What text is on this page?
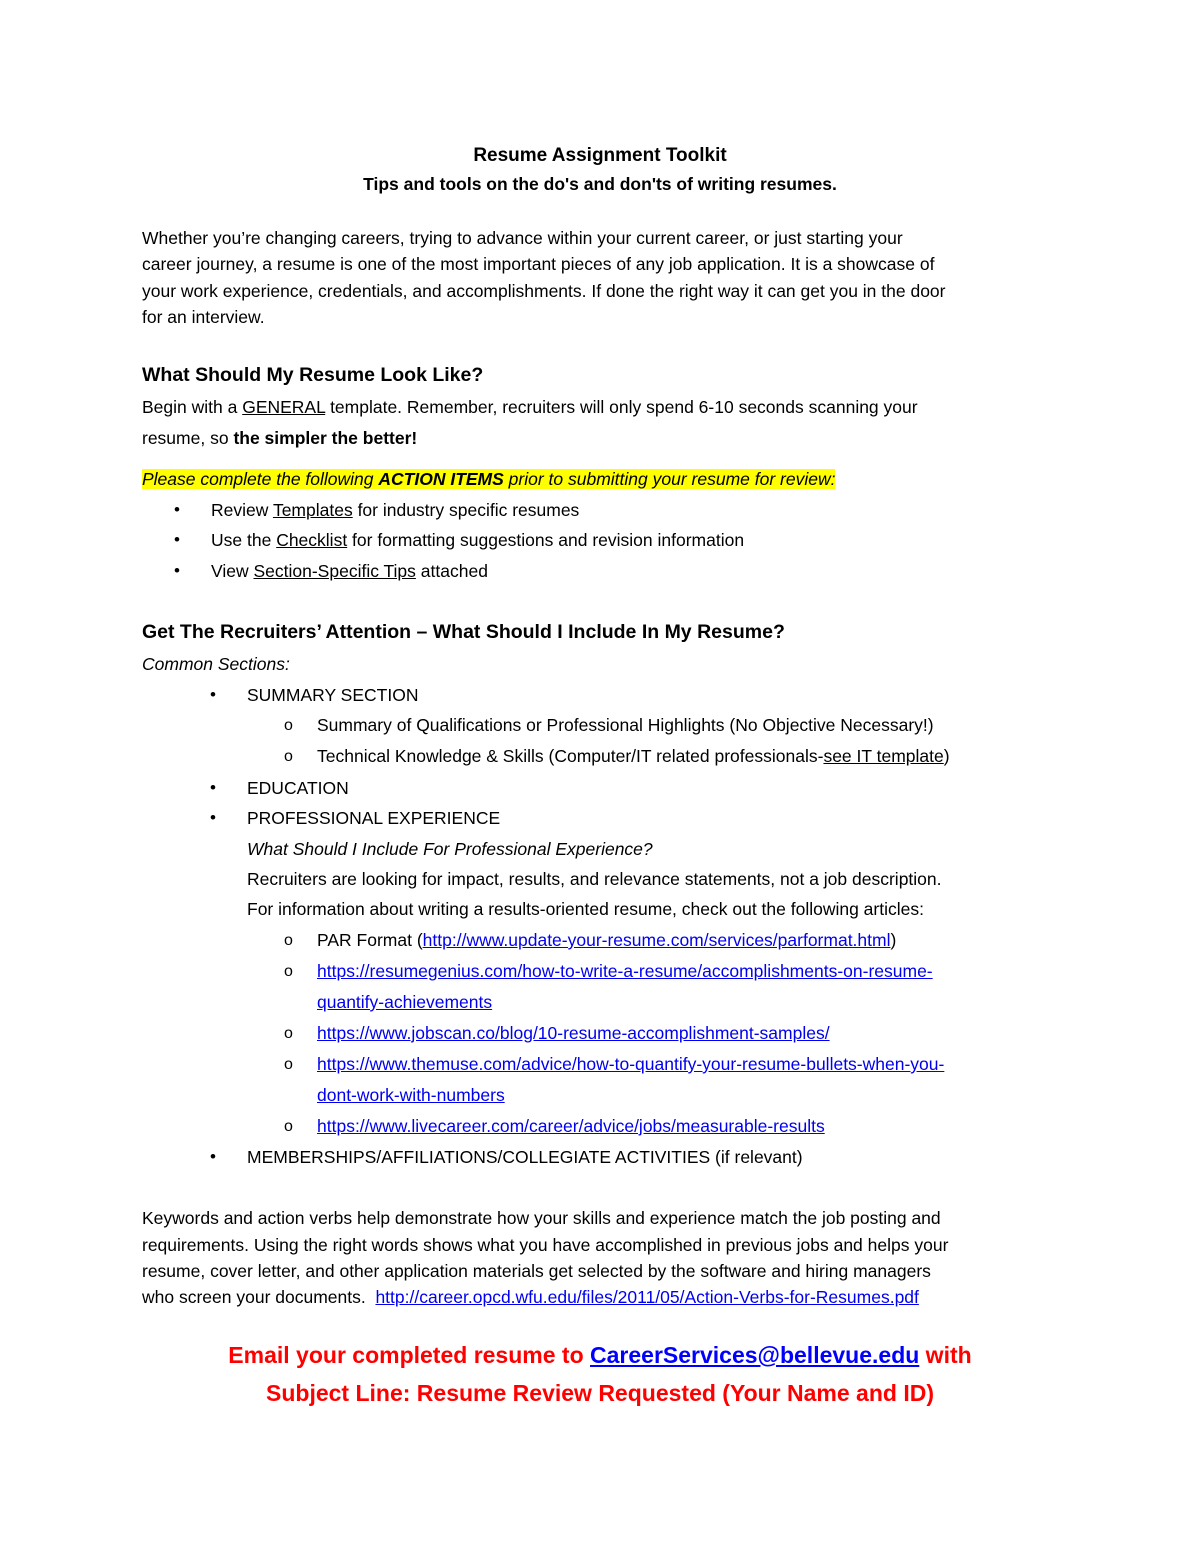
Resume Assignment Toolkit
Tips and tools on the do's and don'ts of writing resumes.
Whether you’re changing careers, trying to advance within your current career, or just starting your
career journey, a resume is one of the most important pieces of any job application. It is a showcase of
your work experience, credentials, and accomplishments. If done the right way it can get you in the door
for an interview.
What Should My Resume Look Like?
Begin with a GENERAL template. Remember, recruiters will only spend 6-10 seconds scanning your
resume, so the simpler the better!
Please complete the following ACTION ITEMS prior to submitting your resume for review:
• Review Templates for industry specific resumes
• Use the Checklist for formatting suggestions and revision information
• View Section-Specific Tips attached
Get The Recruiters’ Attention – What Should I Include In My Resume?
Common Sections:
• SUMMARY SECTION
o Summary of Qualifications or Professional Highlights (No Objective Necessary!)
o Technical Knowledge & Skills (Computer/IT related professionals-see IT template)
• EDUCATION
• PROFESSIONAL EXPERIENCE
What Should I Include For Professional Experience?
Recruiters are looking for impact, results, and relevance statements, not a job description.
For information about writing a results-oriented resume, check out the following articles:
o PAR Format (http://www.update-your-resume.com/services/parformat.html)
o https://resumegenius.com/how-to-write-a-resume/accomplishments-on-resume-
quantify-achievements
o https://www.jobscan.co/blog/10-resume-accomplishment-samples/
o https://www.themuse.com/advice/how-to-quantify-your-resume-bullets-when-you-
dont-work-with-numbers
o https://www.livecareer.com/career/advice/jobs/measurable-results
• MEMBERSHIPS/AFFILIATIONS/COLLEGIATE ACTIVITIES (if relevant)
Keywords and action verbs help demonstrate how your skills and experience match the job posting and
requirements. Using the right words shows what you have accomplished in previous jobs and helps your
resume, cover letter, and other application materials get selected by the software and hiring managers
who screen your documents.  http://career.opcd.wfu.edu/files/2011/05/Action-Verbs-for-Resumes.pdf
Email your completed resume to CareerServices@bellevue.edu with
Subject Line: Resume Review Requested (Your Name and ID)
